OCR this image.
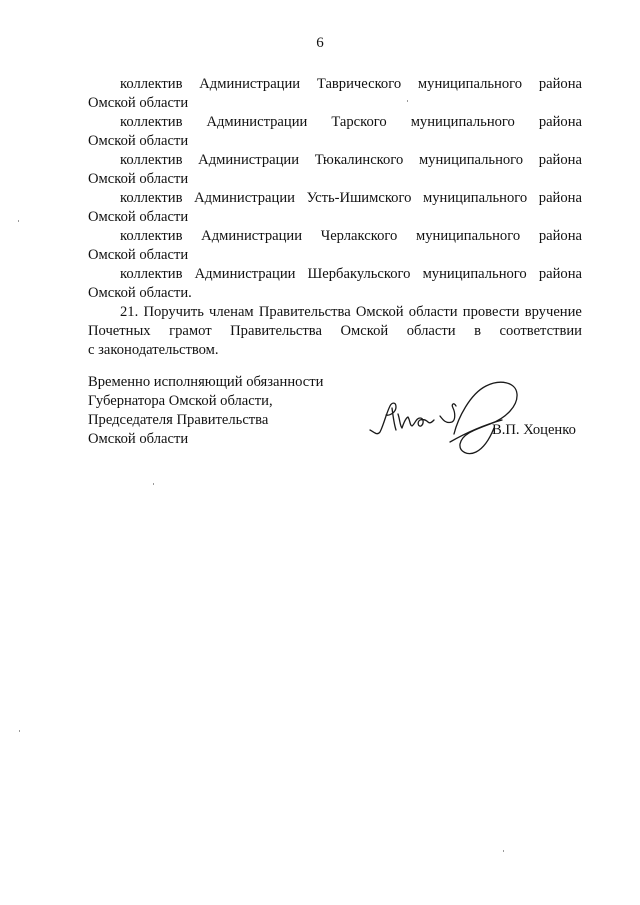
6

коллектив Администрации Таврического муниципального района
Омской области

коллектив Администрации Тарского муниципального района
Омской области

коллектив Администрации Тюкалинского муниципального района
Омской области

коллектив Администрации Усть-Ишимского муниципального района
Омской области

коллектив Администрации Черлакского муниципального района
Омской области

коллектив Администрации Шербакульского муниципального района
Омской области.

21. Поручить членам Правительства Омской области провести вручение
Почетных грамот Правительства Омской области в соответствии
с законодательством.

Временно исполняющий обязанности
Губернатора Омской области,
Председателя Правительства
Омской области
В.П. Хоценко
